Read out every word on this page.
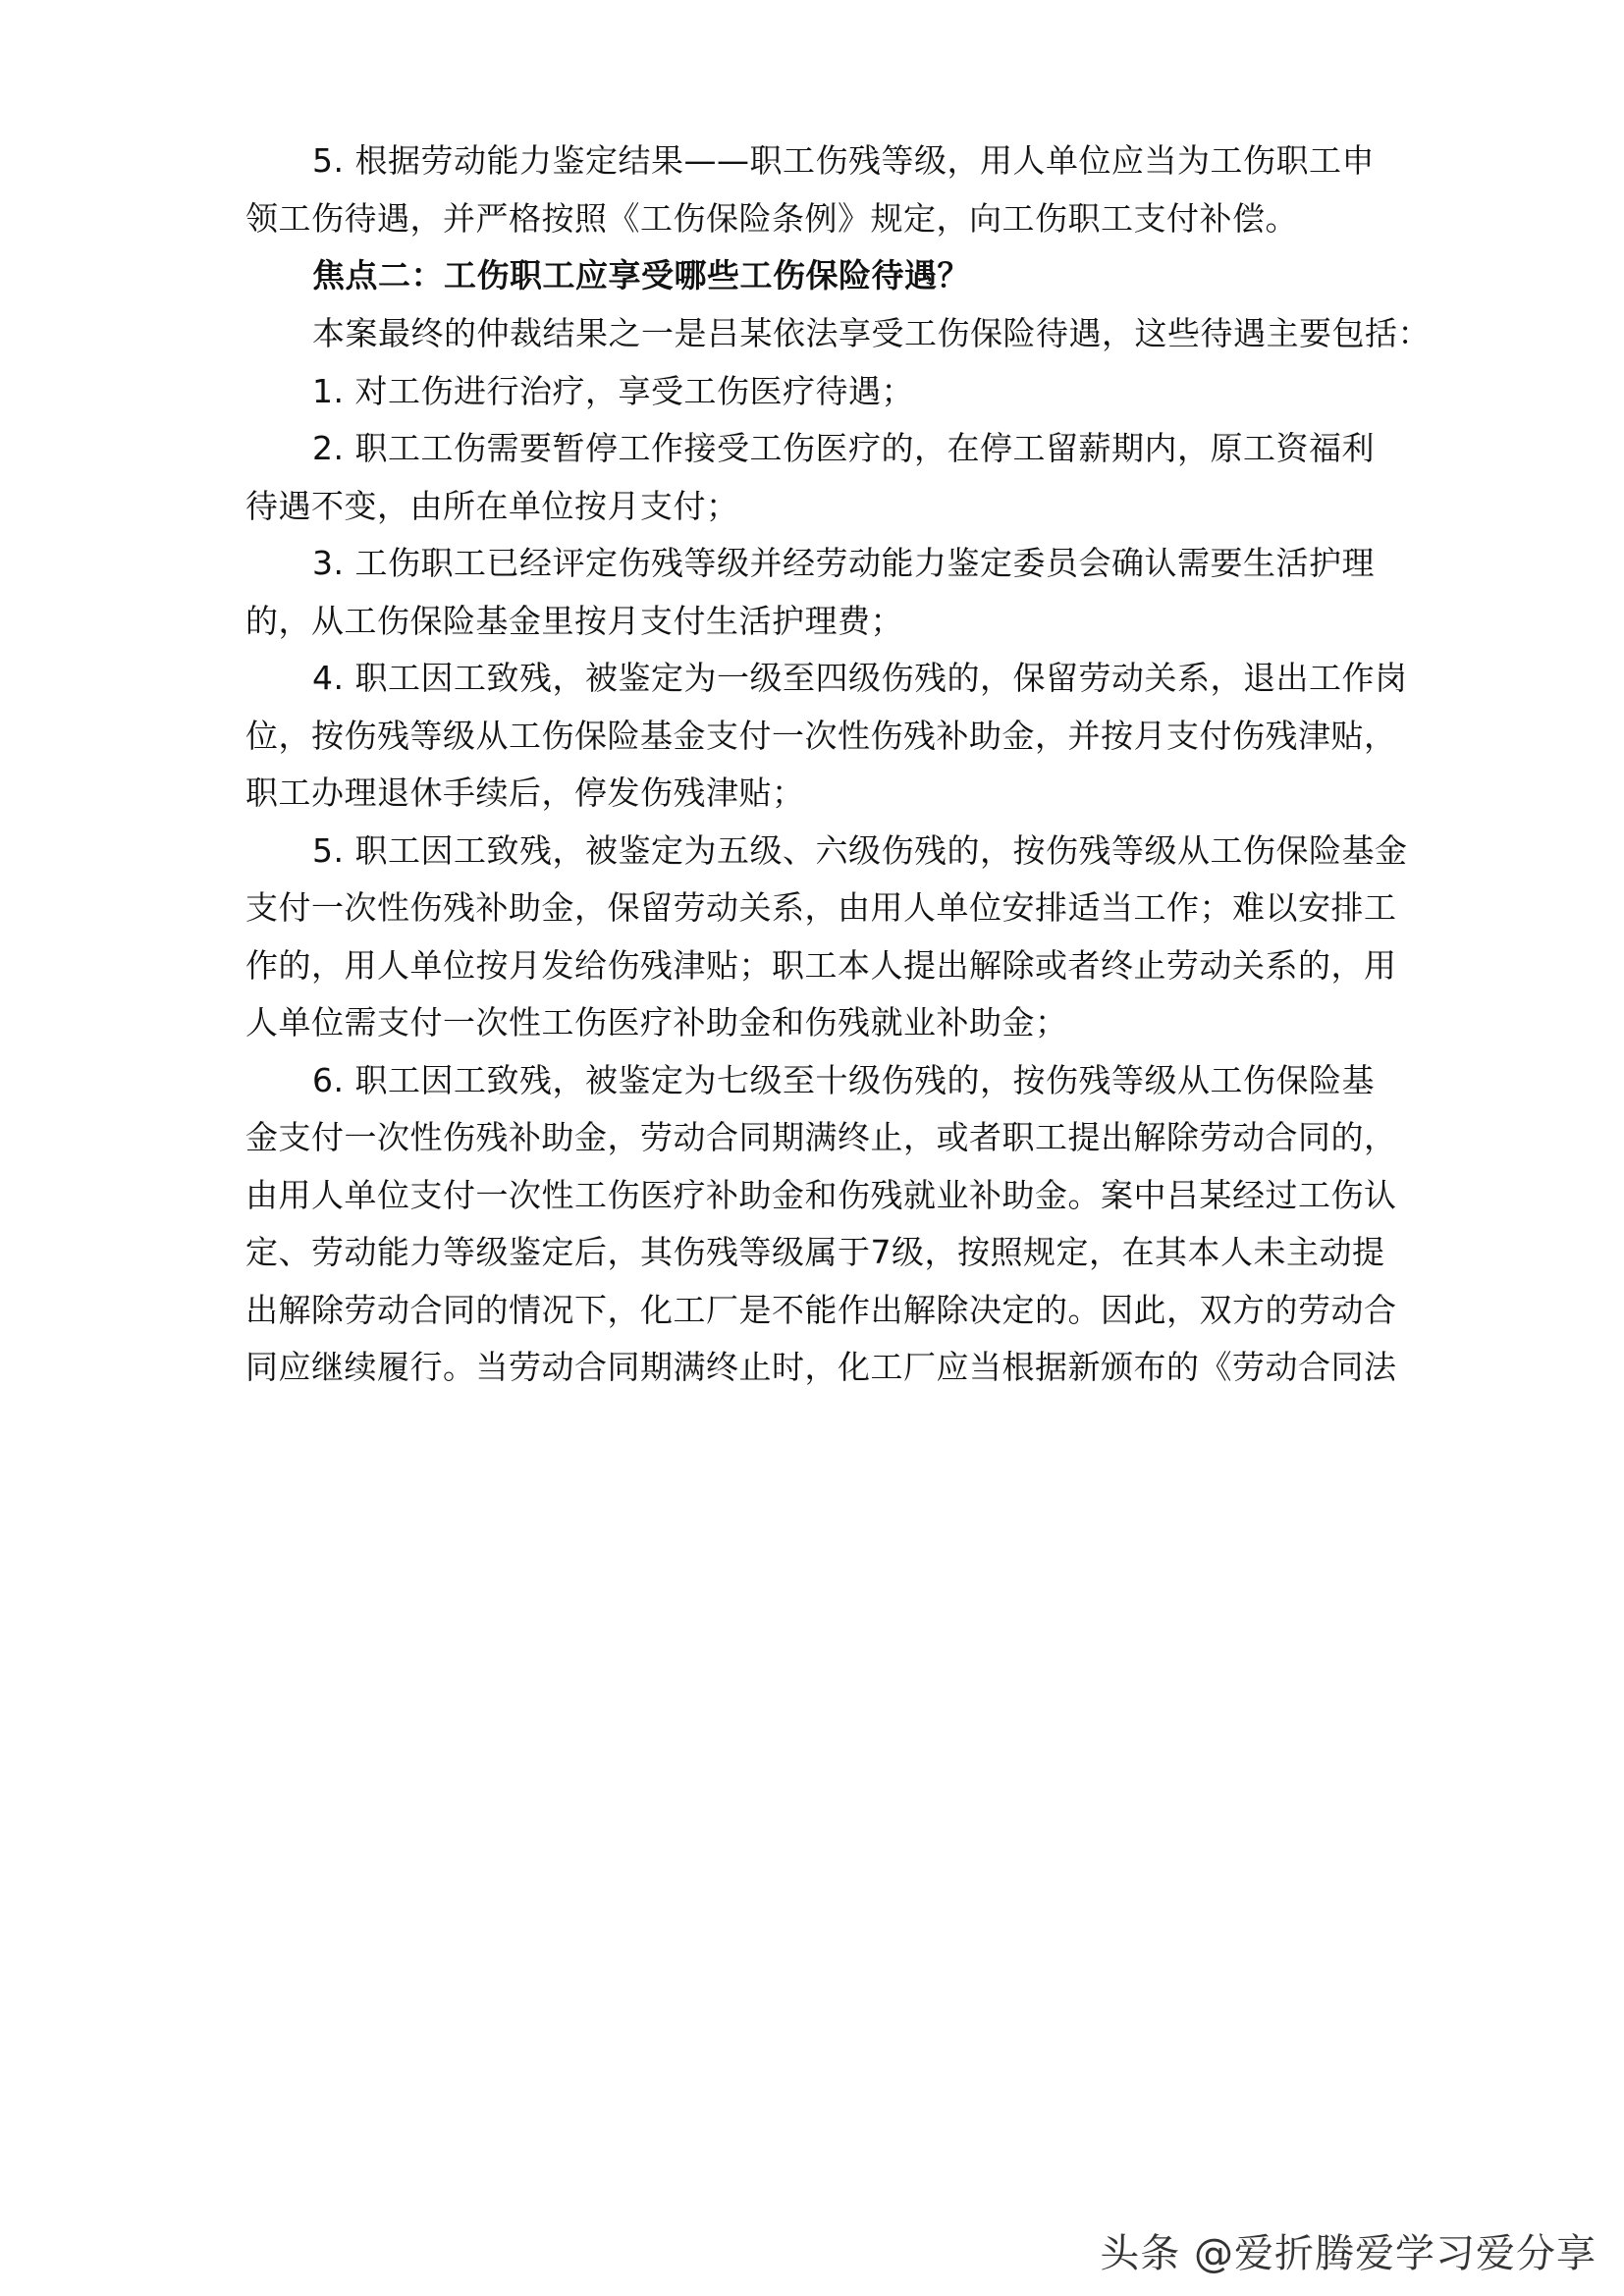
5. 根据劳动能力鉴定结果——职工伤残等级，用人单位应当为工伤职工申
领工伤待遇，并严格按照《工伤保险条例》规定，向工伤职工支付补偿。
焦点二：工伤职工应享受哪些工伤保险待遇？
本案最终的仲裁结果之一是吕某依法享受工伤保险待遇，这些待遇主要包括：
1. 对工伤进行治疗，享受工伤医疗待遇；
2. 职工工伤需要暂停工作接受工伤医疗的，在停工留薪期内，原工资福利
待遇不变，由所在单位按月支付；
3. 工伤职工已经评定伤残等级并经劳动能力鉴定委员会确认需要生活护理
的，从工伤保险基金里按月支付生活护理费；
4. 职工因工致残，被鉴定为一级至四级伤残的，保留劳动关系，退出工作岗
位，按伤残等级从工伤保险基金支付一次性伤残补助金，并按月支付伤残津贴，
职工办理退休手续后，停发伤残津贴；
5. 职工因工致残，被鉴定为五级、六级伤残的，按伤残等级从工伤保险基金
支付一次性伤残补助金，保留劳动关系，由用人单位安排适当工作；难以安排工
作的，用人单位按月发给伤残津贴；职工本人提出解除或者终止劳动关系的，用
人单位需支付一次性工伤医疗补助金和伤残就业补助金；
6. 职工因工致残，被鉴定为七级至十级伤残的，按伤残等级从工伤保险基
金支付一次性伤残补助金，劳动合同期满终止，或者职工提出解除劳动合同的，
由用人单位支付一次性工伤医疗补助金和伤残就业补助金。案中吕某经过工伤认
定、劳动能力等级鉴定后，其伤残等级属于7级，按照规定，在其本人未主动提
出解除劳动合同的情况下，化工厂是不能作出解除决定的。因此，双方的劳动合
同应继续履行。当劳动合同期满终止时，化工厂应当根据新颁布的《劳动合同法
头条 @爱折腾爱学习爱分享
